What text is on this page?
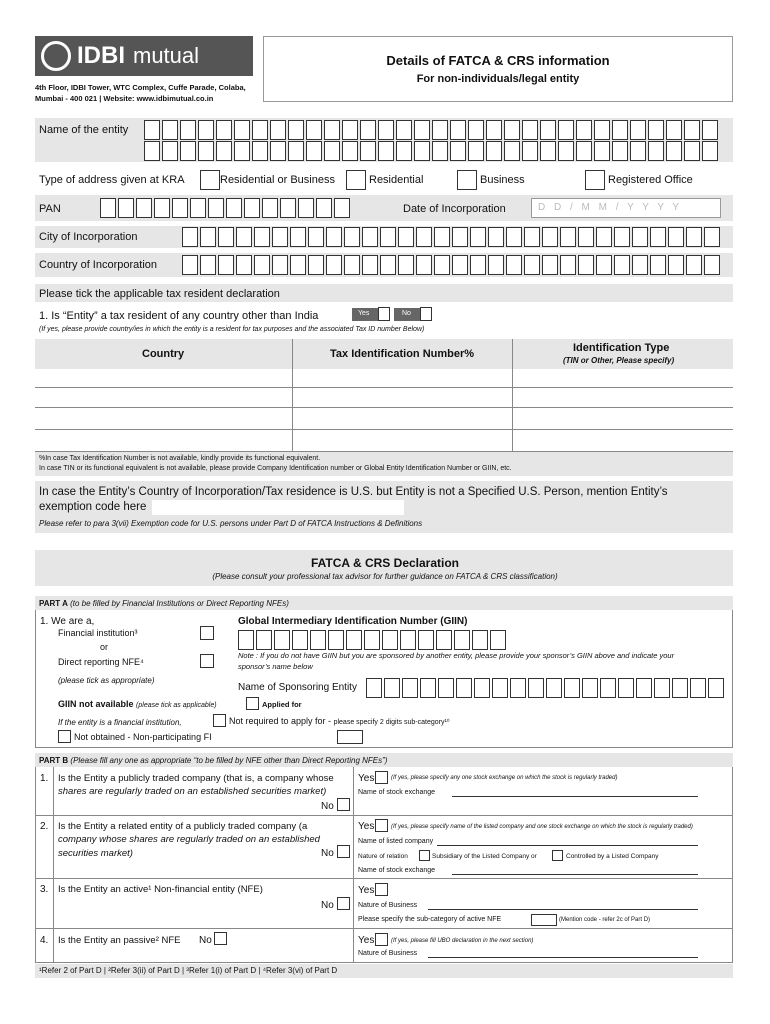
IDBI mutual
4th Floor, IDBI Tower, WTC Complex, Cuffe Parade, Colaba,
Mumbai - 400 021 | Website: www.idbimutual.co.in
Details of FATCA & CRS information
For non-individuals/legal entity
Name of the entity
Type of address given at KRA	Residential or Business	Residential	Business	Registered Office
PAN	Date of Incorporation	D D / M M / Y Y Y Y
City of Incorporation
Country of Incorporation
Please tick the applicable tax resident declaration
1. Is “Entity” a tax resident of any country other than India	Yes	No
(If yes, please provide country/ies in which the entity is a resident for tax purposes and the associated Tax ID number Below)
Country	Tax Identification Number%	Identification Type
(TIN or Other, Please specify)
%In case Tax Identification Number is not available, kindly provide its functional equivalent.
In case TIN or its functional equivalent is not available, please provide Company Identification number or Global Entity Identification Number or GIIN, etc.
In case the Entity’s Country of Incorporation/Tax residence is U.S. but Entity is not a Specified U.S. Person, mention Entity’s
exemption code here
Please refer to para 3(vii) Exemption code for U.S. persons under Part D of FATCA Instructions & Definitions
FATCA & CRS Declaration
(Please consult your professional tax advisor for further guidance on FATCA & CRS classification)
PART A (to be filled by Financial Institutions or Direct Reporting NFEs)
1. We are a,
Financial institution³
or
Direct reporting NFE⁴
(please tick as appropriate)
Global Intermediary Identification Number (GIIN)
Note : If you do not have GIIN but you are sponsored by another entity, please provide your sponsor’s GIIN above and indicate your
sponsor’s name below
Name of Sponsoring Entity
GIIN not available (please tick as applicable)	Applied for
If the entity is a financial institution,	Not required to apply for - please specify 2 digits sub-category¹⁰
Not obtained - Non-participating FI
PART B (Please fill any one as appropriate “to be filled by NFE other than Direct Reporting NFEs”)
1. Is the Entity a publicly traded company (that is, a company whose
shares are regularly traded on an established securities market)
No
Yes	(If yes, please specify any one stock exchange on which the stock is regularly traded)
Name of stock exchange
2. Is the Entity a related entity of a publicly traded company (a
company whose shares are regularly traded on an established
securities market)	No
Yes	(If yes, please specify name of the listed company and one stock exchange on which the stock is regularly traded)
Name of listed company
Nature of relation	Subsidiary of the Listed Company or	Controlled by a Listed Company
Name of stock exchange
3. Is the Entity an active¹ Non-financial entity (NFE)
No
Yes
Nature of Business
Please specify the sub-category of active NFE	(Mention code - refer 2c of Part D)
4. Is the Entity an passive² NFE No	Yes	(If yes, please fill UBO declaration in the next section)
Nature of Business
¹Refer 2 of Part D | ²Refer 3(ii) of Part D | ³Refer 1(i) of Part D | ⁴Refer 3(vi) of Part D
